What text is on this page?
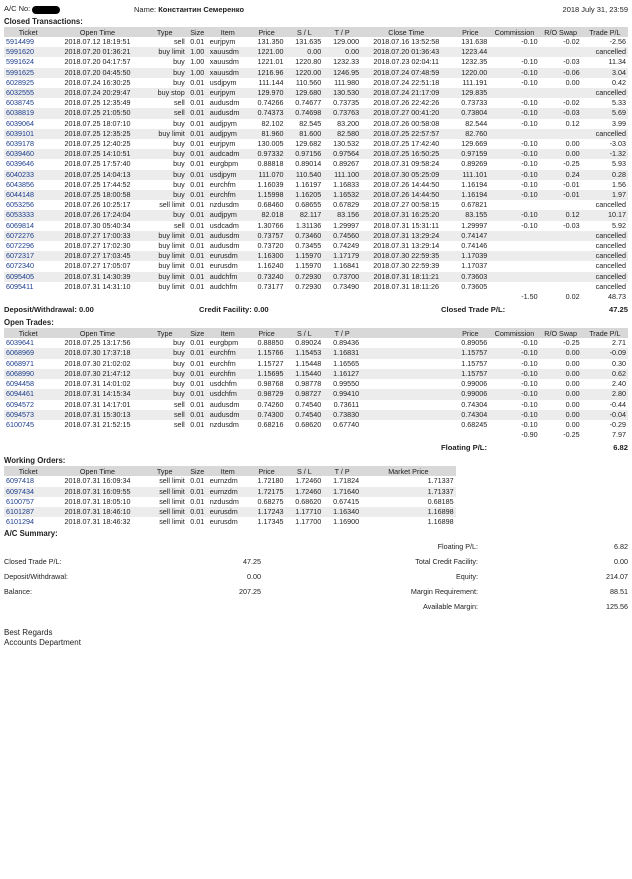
A/C No:	Name: Константин Семеренко	2018 July 31, 23:59
Closed Transactions:
Ticket	Open Time	Type	Size	Item	Price	S / L	T / P	Close Time	Price	Commission	R/O Swap	Trade P/L
5914499	2018.07.12 18:19:51	sell	0.01	eurjpym	131.350	131.635	129.000	2018.07.16 13:52:58	131.638	-0.10	-0.02	-2.56
5991620	2018.07.20 01:36:21	buy limit	1.00	xauusdm	1221.00	0.00	0.00	2018.07.20 01:36:43	1223.44			cancelled
5991624	2018.07.20 04:17:57	buy	1.00	xauusdm	1221.01	1220.80	1232.33	2018.07.23 02:04:11	1232.35	-0.10	-0.03	11.34
5991625	2018.07.20 04:45:50	buy	1.00	xauusdm	1216.96	1220.00	1246.95	2018.07.24 07:48:59	1220.00	-0.10	-0.06	3.04
6028925	2018.07.24 16:30:25	buy	0.01	usdjpym	111.144	110.560	111.980	2018.07.24 22:51:18	111.191	-0.10	0.00	0.42
6032555	2018.07.24 20:29:47	buy stop	0.01	eurjpym	129.970	129.680	130.530	2018.07.24 21:17:09	129.835			cancelled
6038745	2018.07.25 12:35:49	sell	0.01	audusdm	0.74266	0.74677	0.73735	2018.07.26 22:42:26	0.73733	-0.10	-0.02	5.33
6038819	2018.07.25 21:05:50	sell	0.01	audusdm	0.74373	0.74698	0.73763	2018.07.27 00:41:20	0.73804	-0.10	-0.03	5.69
6039064	2018.07.25 18:07:10	buy	0.01	audjpym	82.102	82.545	83.200	2018.07.26 00:58:08	82.544	-0.10	0.12	3.99
6039101	2018.07.25 12:35:25	buy limit	0.01	audjpym	81.960	81.600	82.580	2018.07.25 22:57:57	82.760			cancelled
6039178	2018.07.25 12:40:25	buy	0.01	eurjpym	130.005	129.682	130.532	2018.07.25 17:42:40	129.669	-0.10	0.00	-3.03
6039460	2018.07.25 14:10:51	buy	0.01	audcadm	0.97332	0.97156	0.97564	2018.07.25 16:50:25	0.97159	-0.10	0.00	-1.32
6039646	2018.07.25 17:57:40	buy	0.01	eurgbpm	0.88818	0.89014	0.89267	2018.07.31 09:58:24	0.89269	-0.10	-0.25	5.93
6040233	2018.07.25 14:04:13	buy	0.01	usdjpym	111.070	110.540	111.100	2018.07.30 05:25:09	111.101	-0.10	0.24	0.28
6043856	2018.07.25 17:44:52	buy	0.01	eurchfm	1.16039	1.16197	1.16833	2018.07.26 14:44:50	1.16194	-0.10	-0.01	1.56
6044148	2018.07.25 18:00:58	buy	0.01	eurchfm	1.15998	1.16205	1.16532	2018.07.26 14:44:50	1.16194	-0.10	-0.01	1.97
6053256	2018.07.26 10:25:17	sell limit	0.01	nzdusdm	0.68460	0.68655	0.67829	2018.07.27 00:58:15	0.67821			cancelled
6053333	2018.07.26 17:24:04	buy	0.01	audjpym	82.018	82.117	83.156	2018.07.31 16:25:20	83.155	-0.10	0.12	10.17
6069814	2018.07.30 05:40:34	sell	0.01	usdcadm	1.30766	1.31136	1.29997	2018.07.31 15:31:11	1.29997	-0.10	-0.03	5.92
6072276	2018.07.27 17:00:33	buy limit	0.01	audusdm	0.73757	0.73460	0.74560	2018.07.31 13:29:24	0.74147			cancelled
6072296	2018.07.27 17:02:30	buy limit	0.01	audusdm	0.73720	0.73455	0.74249	2018.07.31 13:29:14	0.74146			cancelled
6072317	2018.07.27 17:03:45	buy limit	0.01	eurusdm	1.16300	1.15970	1.17179	2018.07.30 22:59:35	1.17039			cancelled
6072340	2018.07.27 17:05:07	buy limit	0.01	eurusdm	1.16240	1.15970	1.16841	2018.07.30 22:59:39	1.17037			cancelled
6095405	2018.07.31 14:30:39	buy limit	0.01	audchfm	0.73240	0.72930	0.73700	2018.07.31 18:11:21	0.73603			cancelled
6095411	2018.07.31 14:31:10	buy limit	0.01	audchfm	0.73177	0.72930	0.73490	2018.07.31 18:11:26	0.73605			cancelled
										-1.50	0.02	48.73
Deposit/Withdrawal: 0.00	Credit Facility: 0.00	Closed Trade P/L:	47.25
Open Trades:
Ticket	Open Time	Type	Size	Item	Price	S / L	T / P		Price	Commission	R/O Swap	Trade P/L
6039641	2018.07.25 13:17:56	buy	0.01	eurgbpm	0.88850	0.89024	0.89436		0.89056	-0.10	-0.25	2.71
6068969	2018.07.30 17:37:18	buy	0.01	eurchfm	1.15766	1.15453	1.16831		1.15757	-0.10	0.00	-0.09
6068971	2018.07.30 21:02:02	buy	0.01	eurchfm	1.15727	1.15448	1.16565		1.15757	-0.10	0.00	0.30
6068990	2018.07.30 21:47:12	buy	0.01	eurchfm	1.15695	1.15440	1.16127		1.15757	-0.10	0.00	0.62
6094458	2018.07.31 14:01:02	buy	0.01	usdchfm	0.98768	0.98778	0.99550		0.99006	-0.10	0.00	2.40
6094461	2018.07.31 14:15:34	buy	0.01	usdchfm	0.98729	0.98727	0.99410		0.99006	-0.10	0.00	2.80
6094572	2018.07.31 14:17:01	sell	0.01	audusdm	0.74260	0.74540	0.73611		0.74304	-0.10	0.00	-0.44
6094573	2018.07.31 15:30:13	sell	0.01	audusdm	0.74300	0.74540	0.73830		0.74304	-0.10	0.00	-0.04
6100745	2018.07.31 21:52:15	sell	0.01	nzdusdm	0.68216	0.68620	0.67740		0.68245	-0.10	0.00	-0.29
										-0.90	-0.25	7.97
Floating P/L:	6.82
Working Orders:
Ticket	Open Time	Type	Size	Item	Price	S / L	T / P	Market Price
6097418	2018.07.31 16:09:34	sell limit	0.01	eurnzdm	1.72180	1.72460	1.71824	1.71337
6097434	2018.07.31 16:09:55	sell limit	0.01	eurnzdm	1.72175	1.72460	1.71640	1.71337
6100757	2018.07.31 18:05:10	sell limit	0.01	nzdusdm	0.68275	0.68620	0.67415	0.68185
6101287	2018.07.31 18:46:10	sell limit	0.01	eurusdm	1.17243	1.17710	1.16340	1.16898
6101294	2018.07.31 18:46:32	sell limit	0.01	eurusdm	1.17345	1.17700	1.16900	1.16898
A/C Summary:
Closed Trade P/L:	47.25
Deposit/Withdrawal:	0.00
Balance:	207.25
Floating P/L:	6.82
Total Credit Facility:	0.00
Equity:	214.07
Margin Requirement:	88.51
Available Margin:	125.56
Best Regards
Accounts Department
